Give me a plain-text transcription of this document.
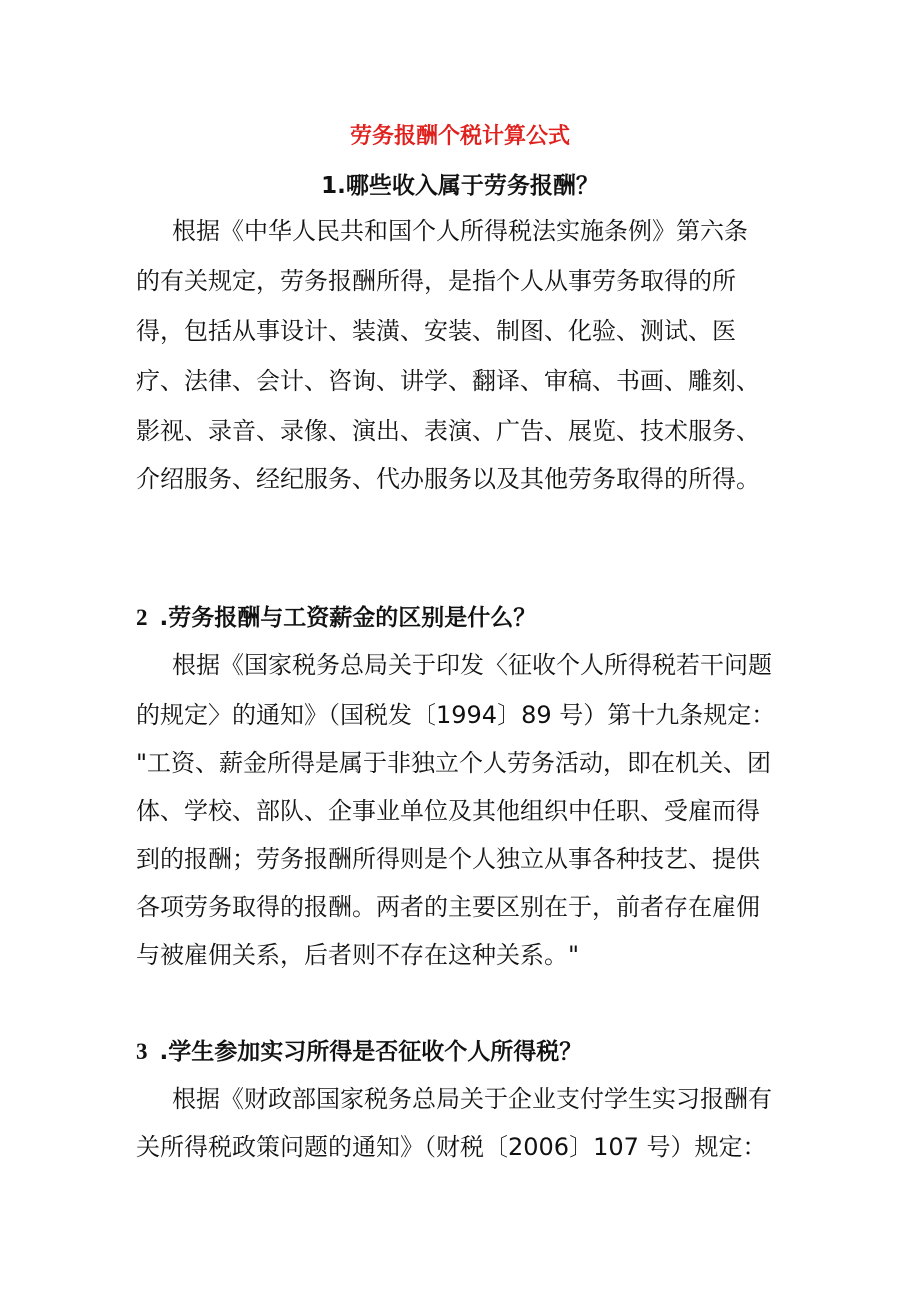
劳务报酬个税计算公式
1.哪些收入属于劳务报酬？
根据《中华人民共和国个人所得税法实施条例》第六条
的有关规定，劳务报酬所得，是指个人从事劳务取得的所
得，包括从事设计、装潢、安装、制图、化验、测试、医
疗、法律、会计、咨询、讲学、翻译、审稿、书画、雕刻、
影视、录音、录像、演出、表演、广告、展览、技术服务、
介绍服务、经纪服务、代办服务以及其他劳务取得的所得。
2 .劳务报酬与工资薪金的区别是什么？
根据《国家税务总局关于印发〈征收个人所得税若干问题
的规定〉的通知》（国税发〔1994〕89 号）第十九条规定：
"工资、薪金所得是属于非独立个人劳务活动，即在机关、团
体、学校、部队、企事业单位及其他组织中任职、受雇而得
到的报酬；劳务报酬所得则是个人独立从事各种技艺、提供
各项劳务取得的报酬。两者的主要区别在于，前者存在雇佣
与被雇佣关系，后者则不存在这种关系。"
3 .学生参加实习所得是否征收个人所得税？
根据《财政部国家税务总局关于企业支付学生实习报酬有
关所得税政策问题的通知》（财税〔2006〕107 号）规定：
